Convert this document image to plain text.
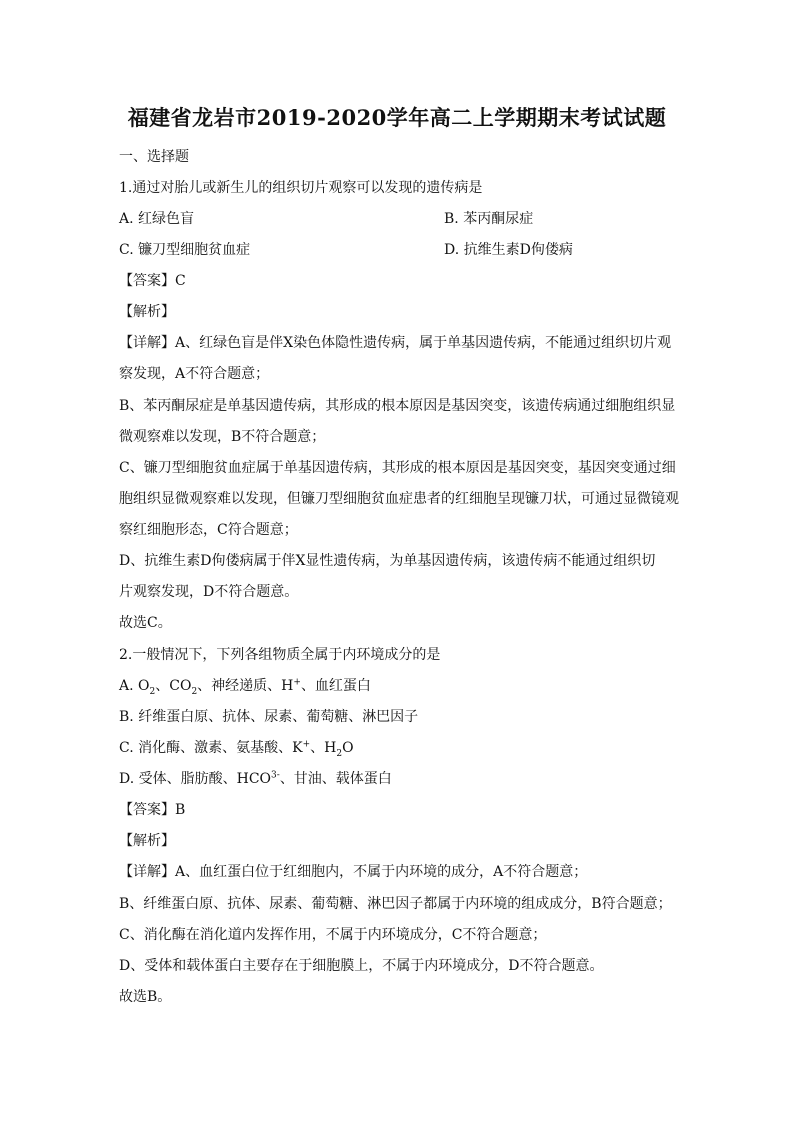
福建省龙岩市2019-2020学年高二上学期期末考试试题
一、选择题
1.通过对胎儿或新生儿的组织切片观察可以发现的遗传病是
A. 红绿色盲	B. 苯丙酮尿症
C. 镰刀型细胞贫血症	D. 抗维生素D佝偻病
【答案】C
【解析】
【详解】A、红绿色盲是伴X染色体隐性遗传病，属于单基因遗传病，不能通过组织切片观
察发现，A不符合题意；
B、苯丙酮尿症是单基因遗传病，其形成的根本原因是基因突变，该遗传病通过细胞组织显
微观察难以发现，B不符合题意；
C、镰刀型细胞贫血症属于单基因遗传病，其形成的根本原因是基因突变，基因突变通过细
胞组织显微观察难以发现，但镰刀型细胞贫血症患者的红细胞呈现镰刀状，可通过显微镜观
察红细胞形态，C符合题意；
D、抗维生素D佝偻病属于伴X显性遗传病，为单基因遗传病，该遗传病不能通过组织切
片观察发现，D不符合题意。
故选C。
2.一般情况下，下列各组物质全属于内环境成分的是
A. $O_2$、$CO_2$、神经递质、H+、血红蛋白
B. 纤维蛋白原、抗体、尿素、葡萄糖、淋巴因子
C. 消化酶、激素、氨基酸、K+、$H_2O$
D. 受体、脂肪酸、$HCO^{3-}$、甘油、载体蛋白
【答案】B
【解析】
【详解】A、血红蛋白位于红细胞内，不属于内环境的成分，A不符合题意；
B、纤维蛋白原、抗体、尿素、葡萄糖、淋巴因子都属于内环境的组成成分，B符合题意；
C、消化酶在消化道内发挥作用，不属于内环境成分，C不符合题意；
D、受体和载体蛋白主要存在于细胞膜上，不属于内环境成分，D不符合题意。
故选B。
